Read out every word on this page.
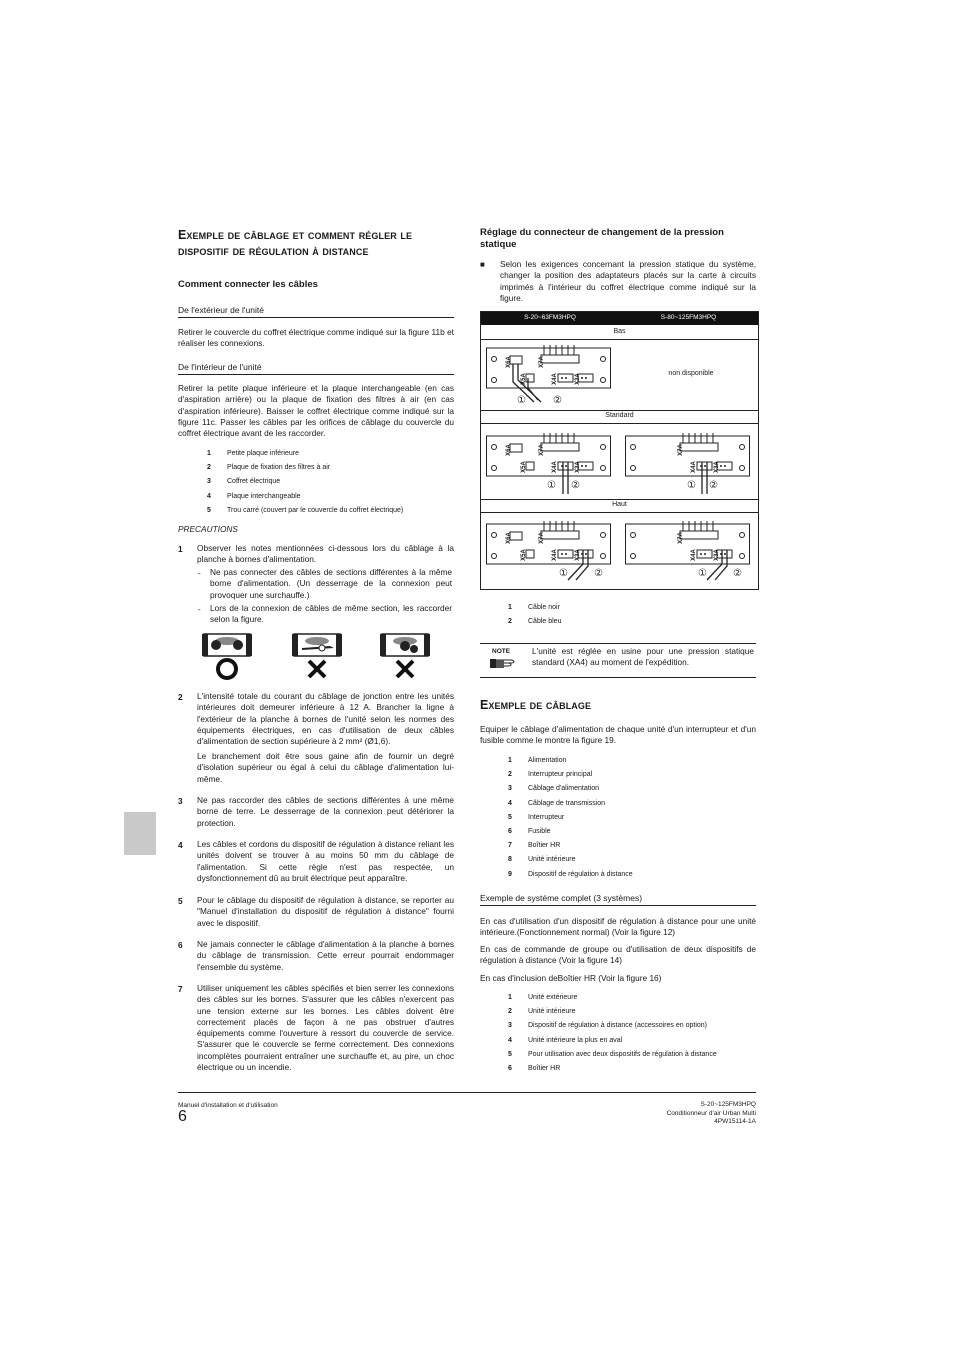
Exemple de câblage et comment régler le
dispositif de régulation à distance
Comment connecter les câbles
De l'extérieur de l'unité
Retirer le couvercle du coffret électrique comme indiqué sur la figure 11b et réaliser les connexions.
De l'intérieur de l'unité
Retirer la petite plaque inférieure et la plaque interchangeable (en cas d'aspiration arrière) ou la plaque de fixation des filtres à air (en cas d'aspiration inférieure). Baisser le coffret électrique comme indiqué sur la figure 11c. Passer les câbles par les orifices de câblage du couvercle du coffret électrique avant de les raccorder.
1 Petite plaque inférieure
2 Plaque de fixation des filtres à air
3 Coffret électrique
4 Plaque interchangeable
5 Trou carré (couvert par le couvercle du coffret électrique)
PRECAUTIONS
1 Observer les notes mentionnées ci-dessous lors du câblage à la planche à bornes d'alimentation.
- Ne pas connecter des câbles de sections différentes à la même borne d'alimentation. (Un desserrage de la connexion peut provoquer une surchauffe.)
- Lors de la connexion de câbles de même section, les raccorder selon la figure.
2 L'intensité totale du courant du câblage de jonction entre les unités intérieures doit demeurer inférieure à 12 A. Brancher la ligne à l'extérieur de la planche à bornes de l'unité selon les normes des équipements électriques, en cas d'utilisation de deux câbles d'alimentation de section supérieure à 2 mm² (Ø1,6).
Le branchement doit être sous gaine afin de fournir un degré d'isolation supérieur ou égal à celui du câblage d'alimentation lui-même.
3 Ne pas raccorder des câbles de sections différentes à une même borne de terre. Le desserrage de la connexion peut détériorer la protection.
4 Les câbles et cordons du dispositif de régulation à distance reliant les unités doivent se trouver à au moins 50 mm du câblage de l'alimentation. Si cette règle n'est pas respectée, un dysfonctionnement dû au bruit électrique peut apparaître.
5 Pour le câblage du dispositif de régulation à distance, se reporter au "Manuel d'installation du dispositif de régulation à distance" fourni avec le dispositif.
6 Ne jamais connecter le câblage d'alimentation à la planche à bornes du câblage de transmission. Cette erreur pourrait endommager l'ensemble du système.
7 Utiliser uniquement les câbles spécifiés et bien serrer les connexions des câbles sur les bornes. S'assurer que les câbles n'exercent pas une tension externe sur les bornes. Les câbles doivent être correctement placés de façon à ne pas obstruer d'autres équipements comme l'ouverture à ressort du couvercle de service. S'assurer que le couvercle se ferme correctement. Des connexions incomplètes pourraient entraîner une surchauffe et, au pire, un choc électrique ou un incendie.
Réglage du connecteur de changement de la pression statique
■ Selon les exigences concernant la pression statique du système, changer la position des adaptateurs placés sur la carte à circuits imprimés à l'intérieur du coffret électrique comme indiqué sur la figure.
S-20~63FM3HPQ	S-80~125FM3HPQ
Bas
Standard
Haut
non disponible
X6A	X7A
X5A	X4A	X3A
①	②
X6A	X7A
X5A	X4A	X3A
① ②
X7A
X4A	X3A
① ②
X6A	X7A
X5A	X4A	X3A
①	②
X7A
X4A	X3A
①	②
1 Câble noir
2 Câble bleu
NOTE	L'unité est réglée en usine pour une pression statique standard (XA4) au moment de l'expédition.
Exemple de câblage
Equiper le câblage d'alimentation de chaque unité d'un interrupteur et d'un fusible comme le montre la figure 19.
1 Alimentation
2 Interrupteur principal
3 Câblage d'alimentation
4 Câblage de transmission
5 Interrupteur
6 Fusible
7 Boîtier HR
8 Unité intérieure
9 Dispositif de régulation à distance
Exemple de systéme complet (3 systèmes)
En cas d'utilisation d'un dispositif de régulation à distance pour une unité intérieure.(Fonctionnement normal) (Voir la figure 12)
En cas de commande de groupe ou d'utilisation de deux dispositifs de régulation à distance (Voir la figure 14)
En cas d'inclusion deBoîtier HR (Voir la figure 16)
1 Unité extérieure
2 Unité intérieure
3 Dispositif de régulation à distance (accessoires en option)
4 Unité intérieure la plus en aval
5 Pour utilisation avec deux dispositifs de régulation à distance
6 Boîtier HR
Manuel d'installation et d'utilisation
6
S-20~125FM3HPQ
Conditionneur d'air Urban Multi
4PW15114-1A
